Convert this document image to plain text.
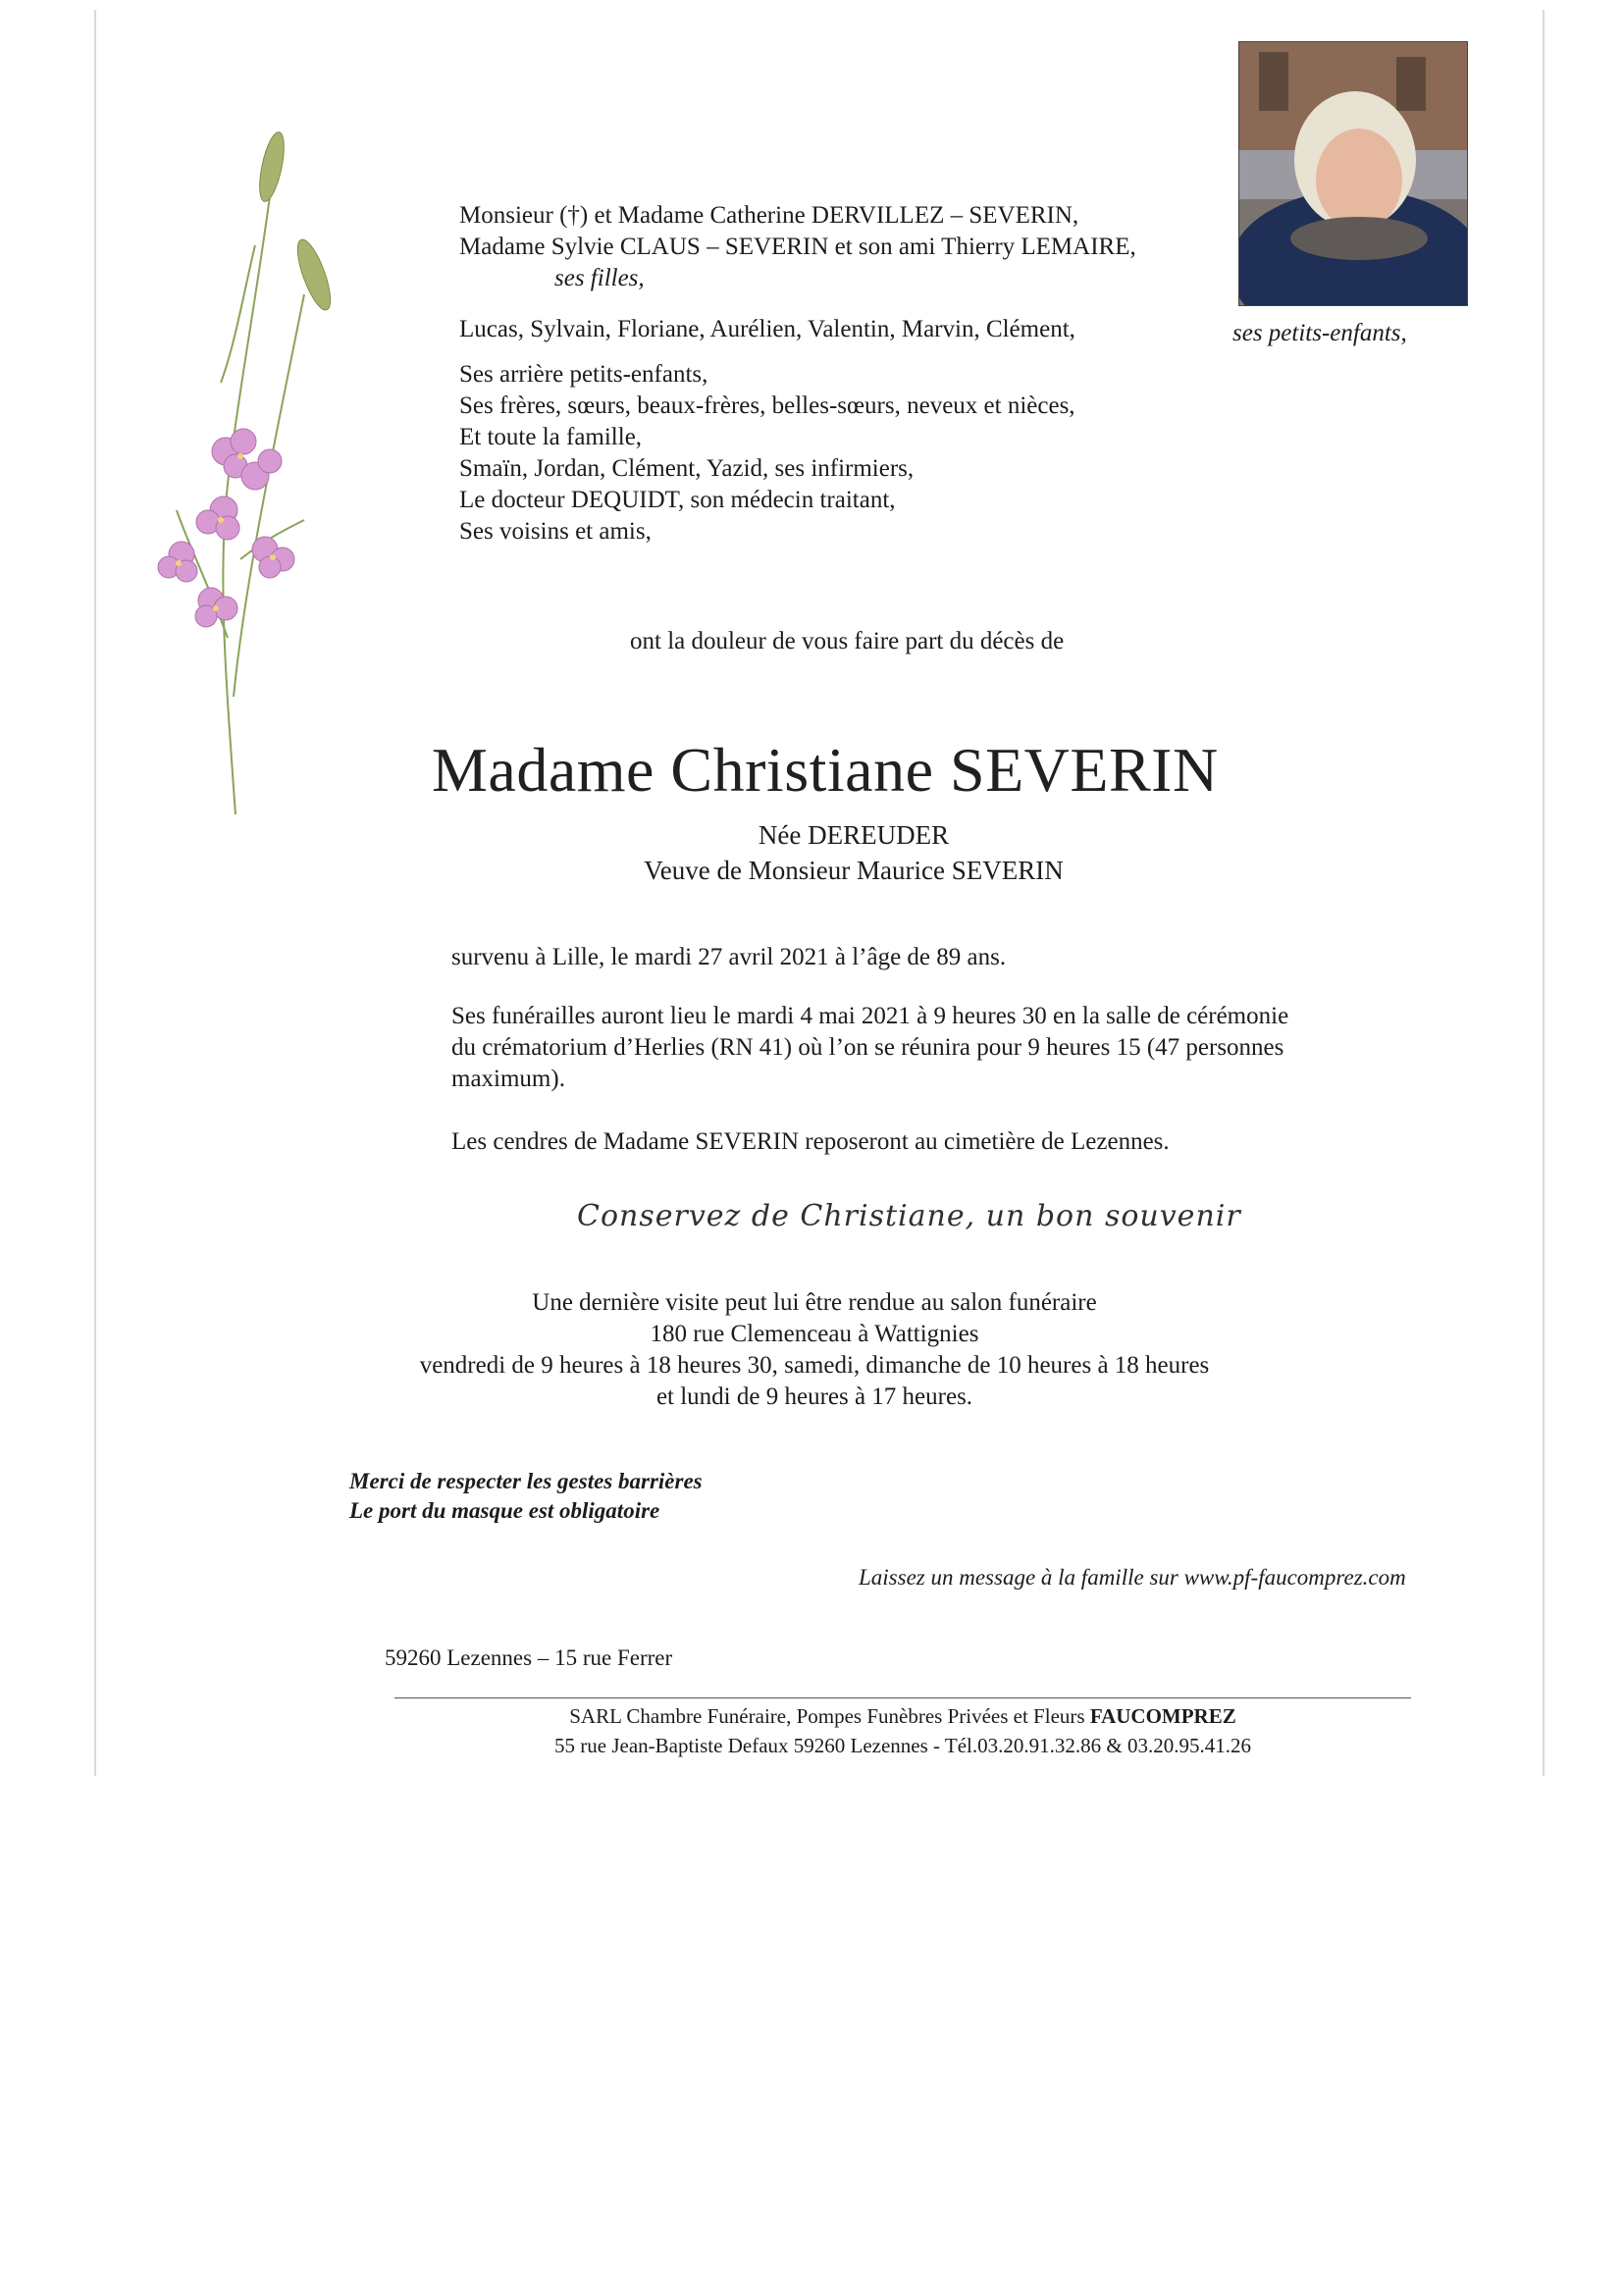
Monsieur (†) et Madame Catherine DERVILLEZ – SEVERIN,
Madame Sylvie CLAUS – SEVERIN et son ami Thierry LEMAIRE,
ses filles,
Lucas, Sylvain, Floriane, Aurélien, Valentin, Marvin, Clément,	ses petits-enfants,
Ses arrière petits-enfants,
Ses frères, sœurs, beaux-frères, belles-sœurs, neveux et nièces,
Et toute la famille,
Smaïn, Jordan, Clément, Yazid, ses infirmiers,
Le docteur DEQUIDT, son médecin traitant,
Ses voisins et amis,
ont la douleur de vous faire part du décès de
Madame Christiane SEVERIN
Née DEREUDER
Veuve de Monsieur Maurice SEVERIN
survenu à Lille, le mardi 27 avril 2021 à l’âge de 89 ans.
Ses funérailles auront lieu le mardi 4 mai 2021 à 9 heures 30 en la salle de cérémonie
du crématorium d’Herlies (RN 41) où l’on se réunira pour 9 heures 15 (47 personnes
maximum).
Les cendres de Madame SEVERIN reposeront au cimetière de Lezennes.
Conservez de Christiane, un bon souvenir
Une dernière visite peut lui être rendue au salon funéraire
180 rue Clemenceau à Wattignies
vendredi de 9 heures à 18 heures 30, samedi, dimanche de 10 heures à 18 heures
et lundi de 9 heures à 17 heures.
Merci de respecter les gestes barrières
Le port du masque est obligatoire
Laissez un message à la famille sur www.pf-faucomprez.com
59260 Lezennes – 15 rue Ferrer
SARL Chambre Funéraire, Pompes Funèbres Privées et Fleurs FAUCOMPREZ
55 rue Jean-Baptiste Defaux 59260 Lezennes - Tél.03.20.91.32.86 & 03.20.95.41.26
